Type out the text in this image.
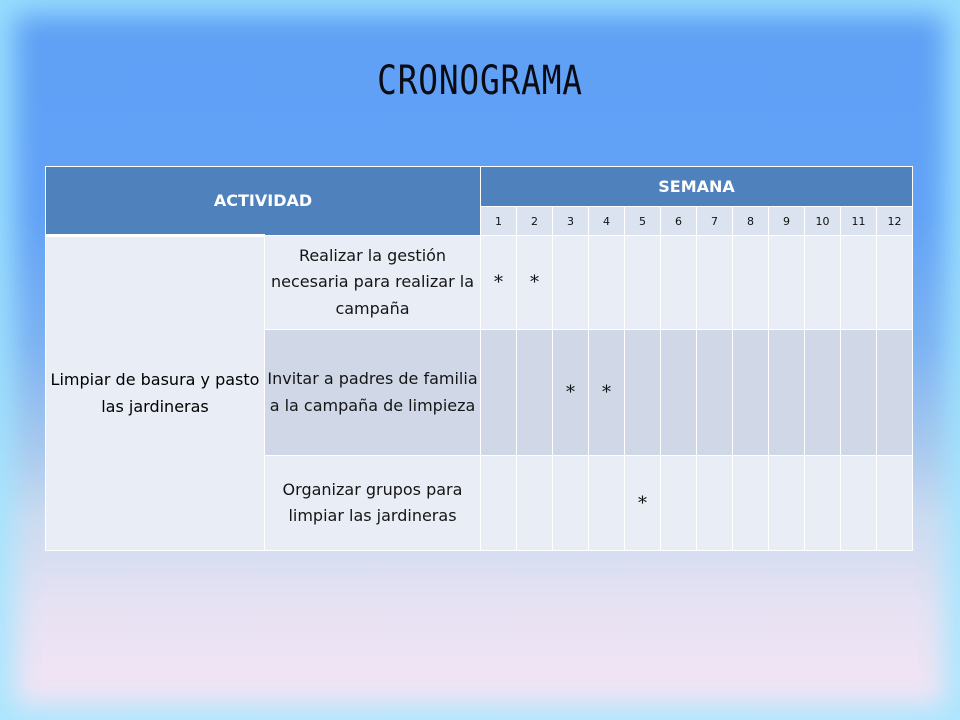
CRONOGRAMA
ACTIVIDAD		SEMANA											
		1	2	3	4	5	6	7	8	9	10	11	12
Limpiar de basura y pasto las jardineras	Realizar la gestión necesaria para realizar la campaña	*	*										
	Invitar a padres de familia a la campaña de limpieza			*	*								
	Organizar grupos para limpiar las jardineras					*							
